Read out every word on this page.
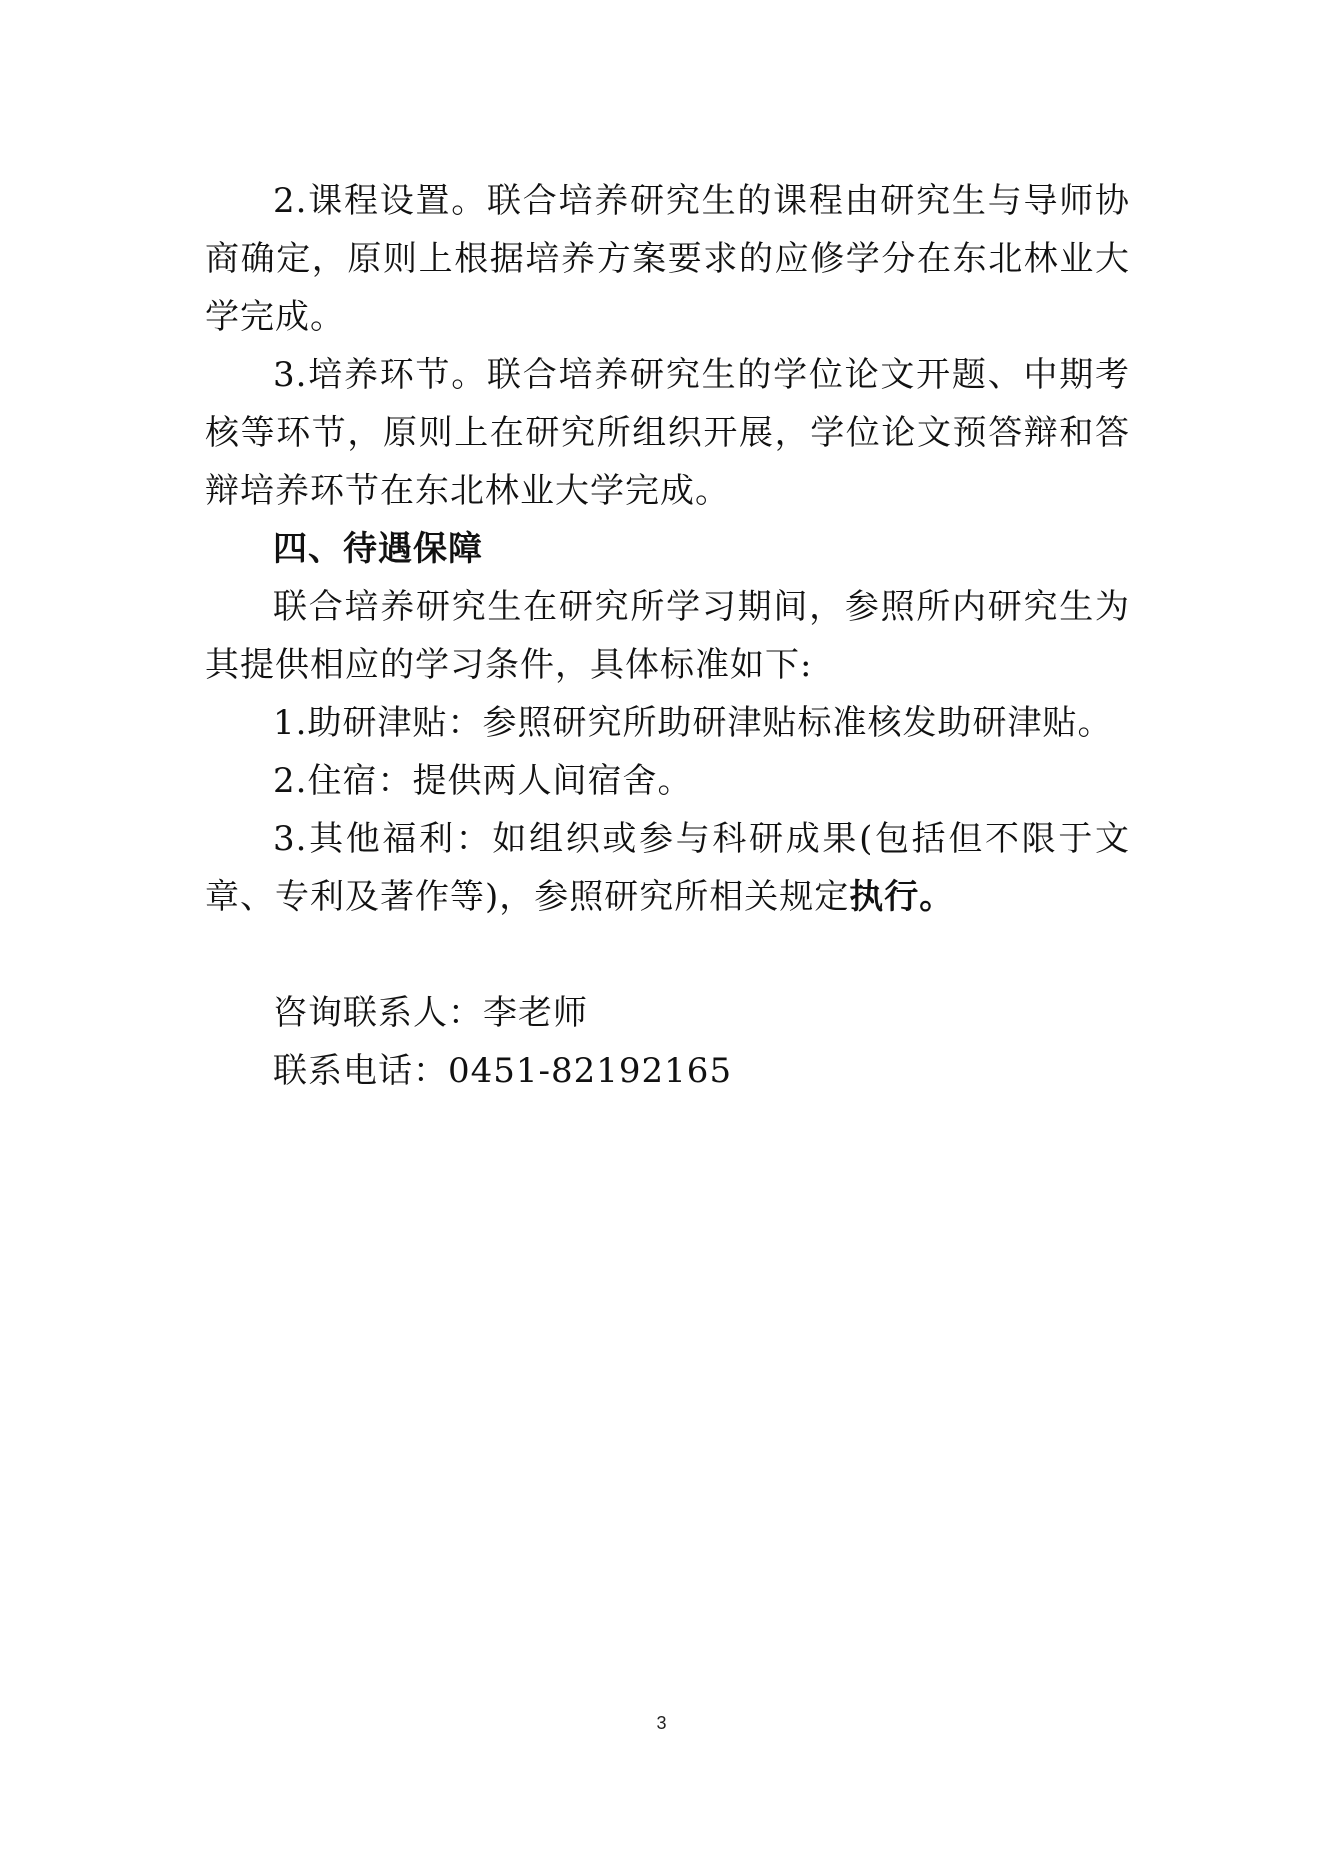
2.课程设置。联合培养研究生的课程由研究生与导师协商确定，原则上根据培养方案要求的应修学分在东北林业大学完成。

3.培养环节。联合培养研究生的学位论文开题、中期考核等环节，原则上在研究所组织开展，学位论文预答辩和答辩培养环节在东北林业大学完成。

四、待遇保障

联合培养研究生在研究所学习期间，参照所内研究生为其提供相应的学习条件，具体标准如下:

1.助研津贴：参照研究所助研津贴标准核发助研津贴。

2.住宿：提供两人间宿舍。

3.其他福利：如组织或参与科研成果(包括但不限于文章、专利及著作等)，参照研究所相关规定执行。

咨询联系人：李老师

联系电话：0451-82192165

3
